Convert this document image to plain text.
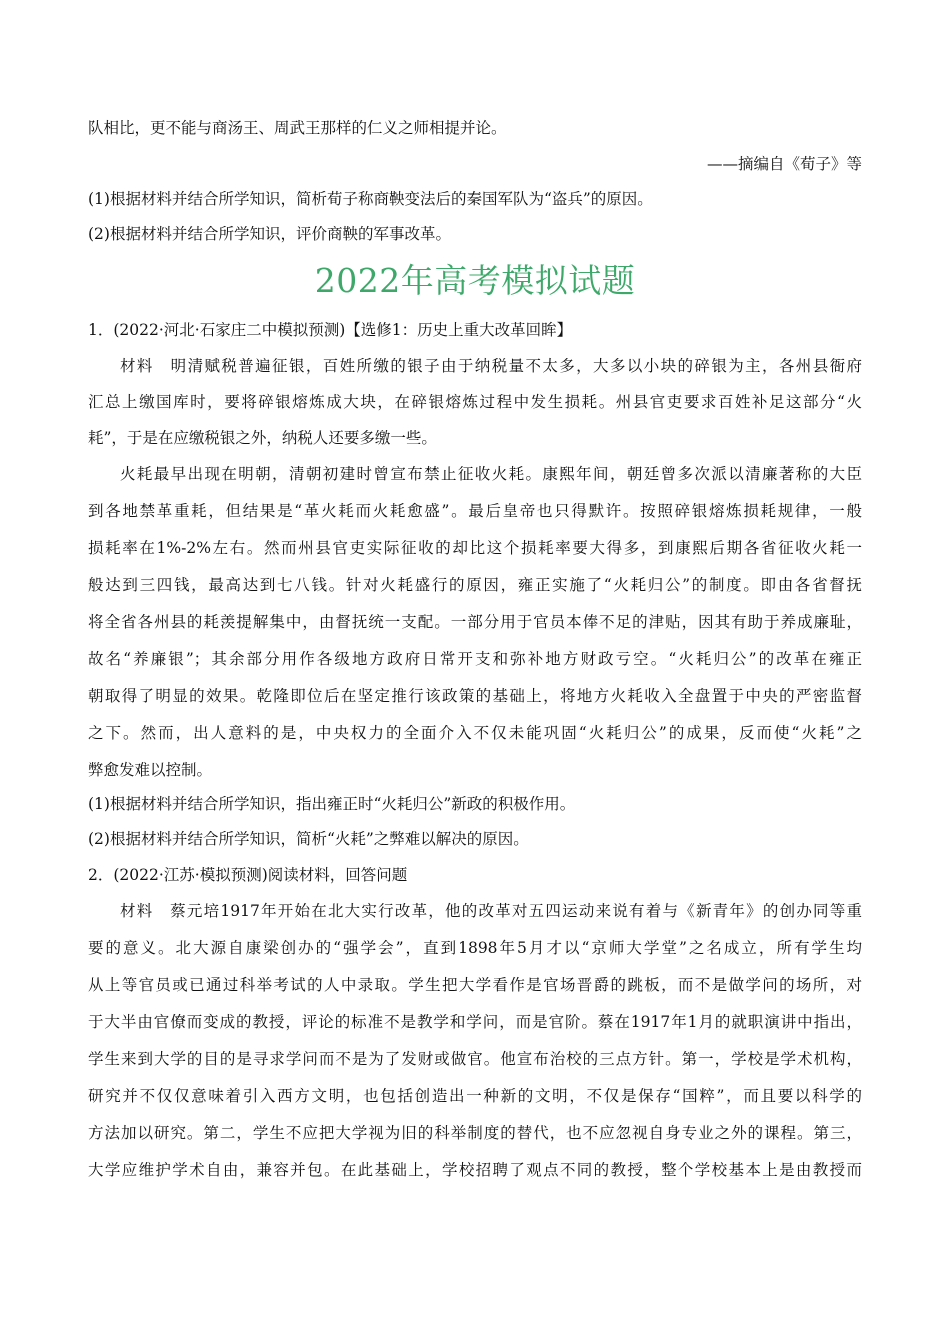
队相比，更不能与商汤王、周武王那样的仁义之师相提并论。
——摘编自《荀子》等
(1)根据材料并结合所学知识，简析荀子称商鞅变法后的秦国军队为“盗兵”的原因。
(2)根据材料并结合所学知识，评价商鞅的军事改革。
2022年高考模拟试题
1．(2022·河北·石家庄二中模拟预测)【选修1：历史上重大改革回眸】
材料　明清赋税普遍征银，百姓所缴的银子由于纳税量不太多，大多以小块的碎银为主，各州县衙府
汇总上缴国库时，要将碎银熔炼成大块，在碎银熔炼过程中发生损耗。州县官吏要求百姓补足这部分“火
耗”，于是在应缴税银之外，纳税人还要多缴一些。
火耗最早出现在明朝，清朝初建时曾宣布禁止征收火耗。康熙年间，朝廷曾多次派以清廉著称的大臣
到各地禁革重耗，但结果是“革火耗而火耗愈盛”。最后皇帝也只得默许。按照碎银熔炼损耗规律，一般
损耗率在1%-2%左右。然而州县官吏实际征收的却比这个损耗率要大得多，到康熙后期各省征收火耗一
般达到三四钱，最高达到七八钱。针对火耗盛行的原因，雍正实施了“火耗归公”的制度。即由各省督抚
将全省各州县的耗羡提解集中，由督抚统一支配。一部分用于官员本俸不足的津贴，因其有助于养成廉耻，
故名“养廉银”；其余部分用作各级地方政府日常开支和弥补地方财政亏空。“火耗归公”的改革在雍正
朝取得了明显的效果。乾隆即位后在坚定推行该政策的基础上，将地方火耗收入全盘置于中央的严密监督
之下。然而，出人意料的是，中央权力的全面介入不仅未能巩固“火耗归公”的成果，反而使“火耗”之
弊愈发难以控制。
(1)根据材料并结合所学知识，指出雍正时“火耗归公”新政的积极作用。
(2)根据材料并结合所学知识，简析“火耗”之弊难以解决的原因。
2．(2022·江苏·模拟预测)阅读材料，回答问题
材料　蔡元培1917年开始在北大实行改革，他的改革对五四运动来说有着与《新青年》的创办同等重
要的意义。北大源自康梁创办的“强学会”，直到1898年5月才以“京师大学堂”之名成立，所有学生均
从上等官员或已通过科举考试的人中录取。学生把大学看作是官场晋爵的跳板，而不是做学问的场所，对
于大半由官僚而变成的教授，评论的标准不是教学和学问，而是官阶。蔡在1917年1月的就职演讲中指出，
学生来到大学的目的是寻求学问而不是为了发财或做官。他宣布治校的三点方针。第一，学校是学术机构，
研究并不仅仅意味着引入西方文明，也包括创造出一种新的文明，不仅是保存“国粹”，而且要以科学的
方法加以研究。第二，学生不应把大学视为旧的科举制度的替代，也不应忽视自身专业之外的课程。第三，
大学应维护学术自由，兼容并包。在此基础上，学校招聘了观点不同的教授，整个学校基本上是由教授而
